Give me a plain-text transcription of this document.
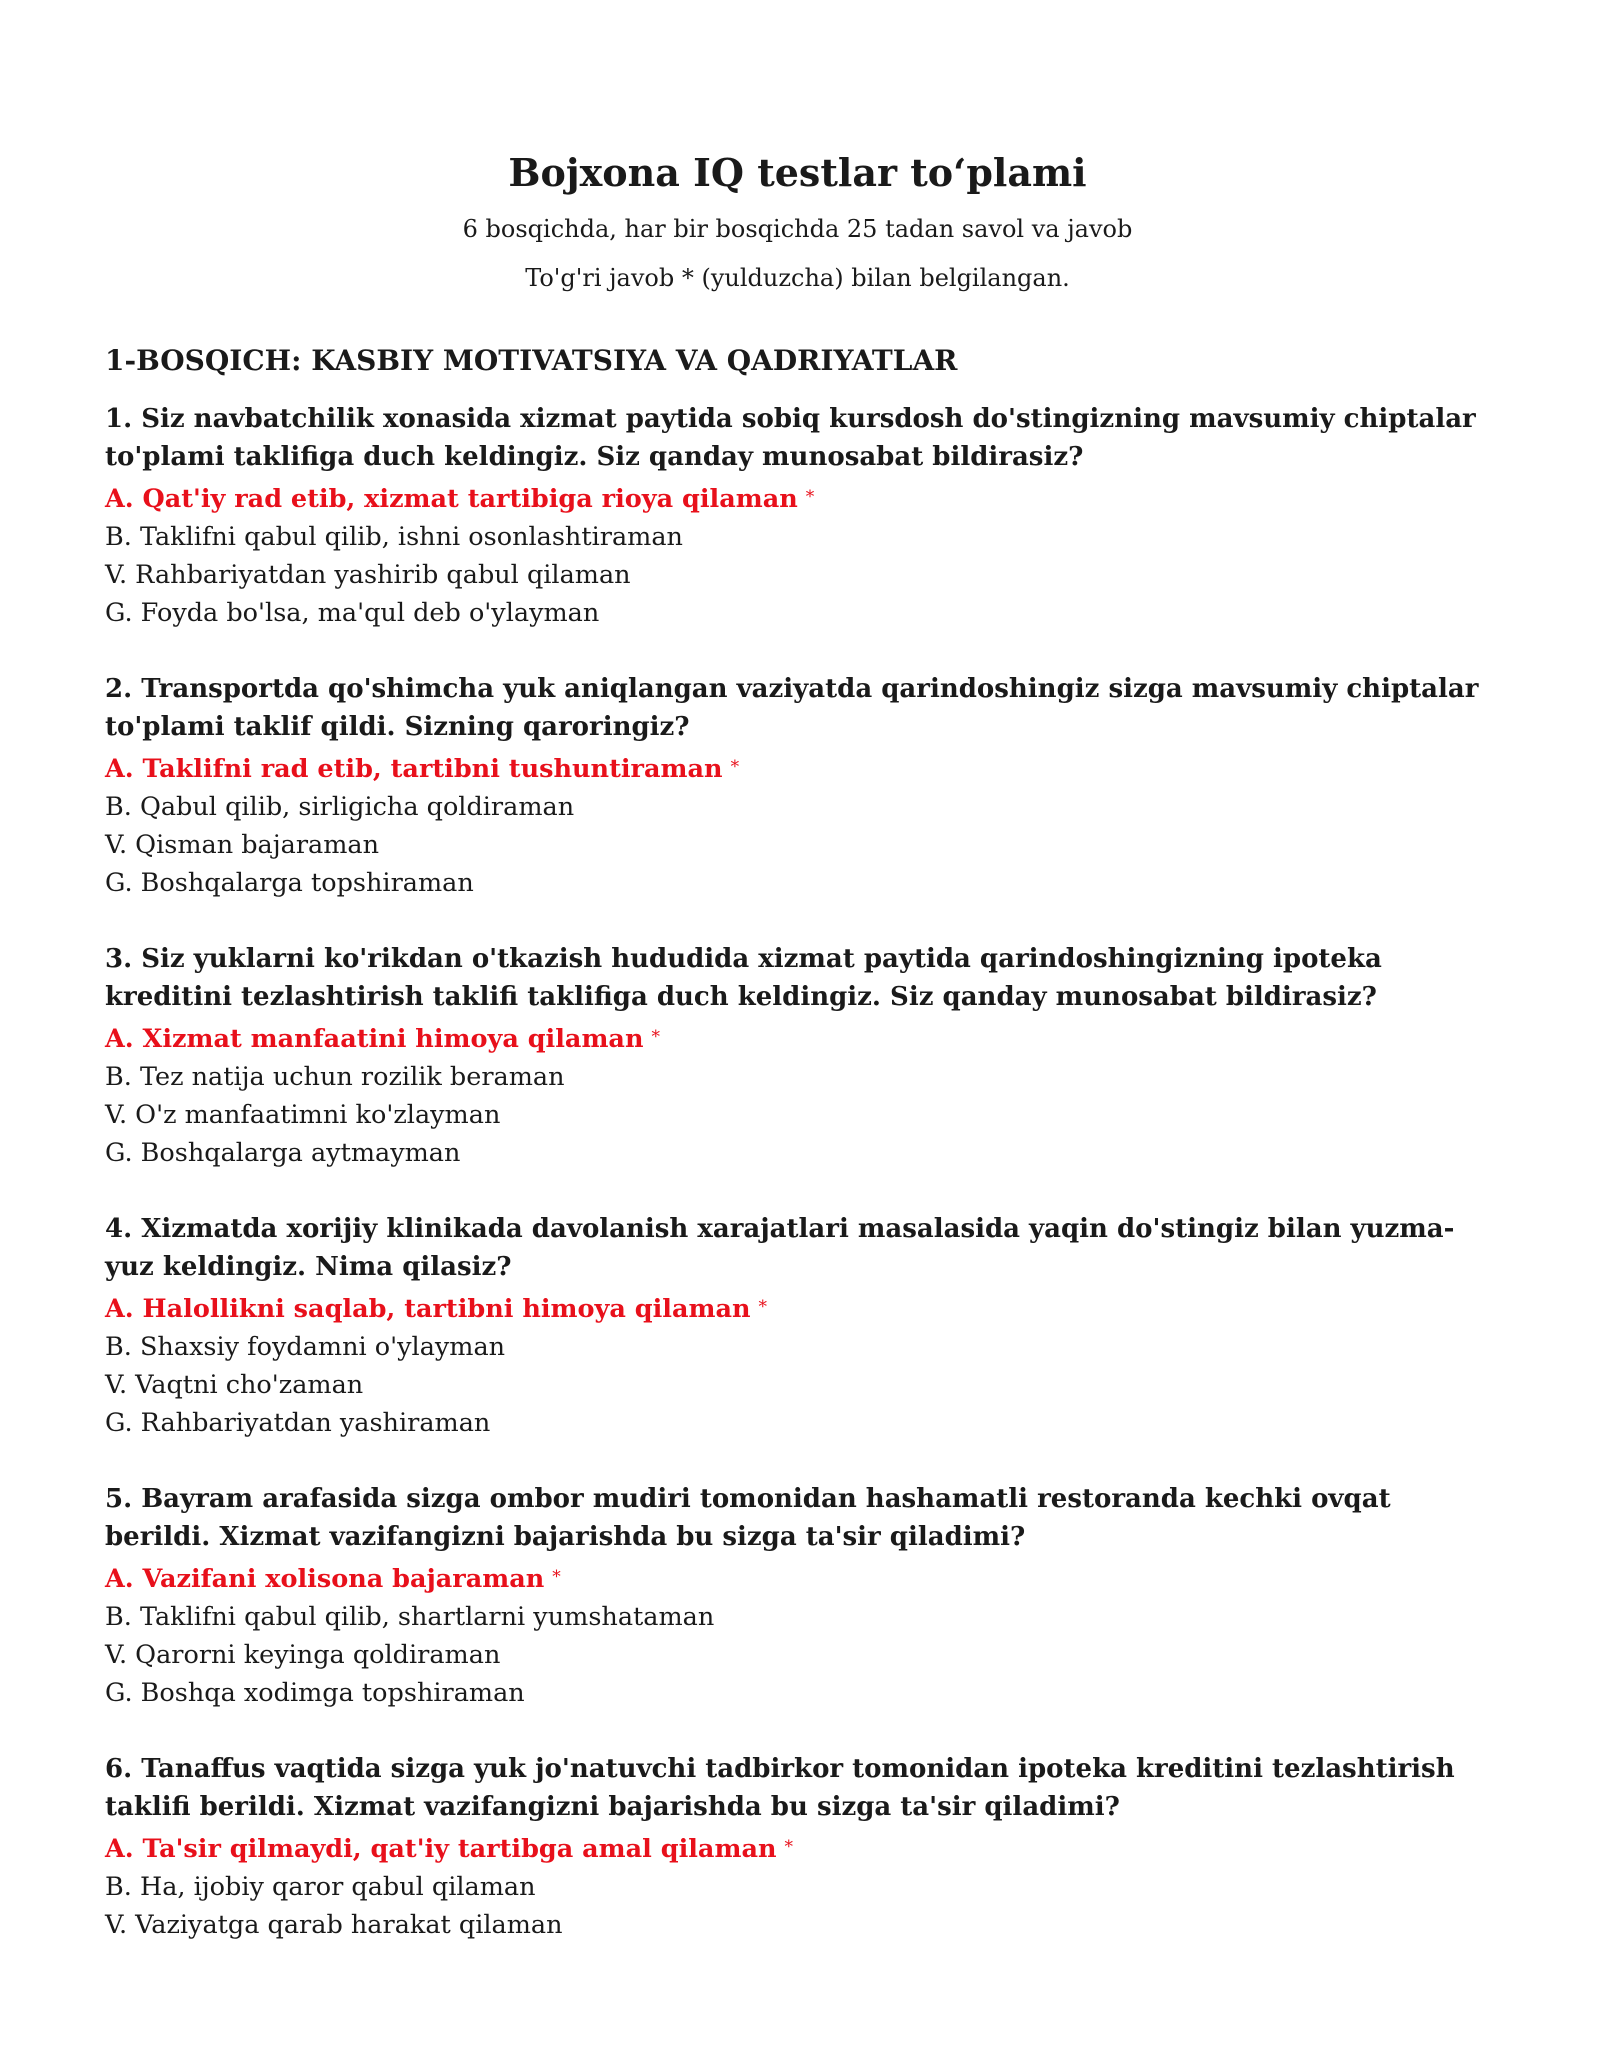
Bojxona IQ testlar to‘plami

6 bosqichda, har bir bosqichda 25 tadan savol va javob

To'g'ri javob * (yulduzcha) bilan belgilangan.

1-BOSQICH: KASBIY MOTIVATSIYA VA QADRIYATLAR

1. Siz navbatchilik xonasida xizmat paytida sobiq kursdosh do'stingizning mavsumiy chiptalar to'plami taklifiga duch keldingiz. Siz qanday munosabat bildirasiz?

A. Qat'iy rad etib, xizmat tartibiga rioya qilaman *

B. Taklifni qabul qilib, ishni osonlashtiraman

V. Rahbariyatdan yashirib qabul qilaman

G. Foyda bo'lsa, ma'qul deb o'ylayman

2. Transportda qo'shimcha yuk aniqlangan vaziyatda qarindoshingiz sizga mavsumiy chiptalar to'plami taklif qildi. Sizning qaroringiz?

A. Taklifni rad etib, tartibni tushuntiraman *

B. Qabul qilib, sirligicha qoldiraman

V. Qisman bajaraman

G. Boshqalarga topshiraman

3. Siz yuklarni ko'rikdan o'tkazish hududida xizmat paytida qarindoshingizning ipoteka kreditini tezlashtirish taklifi taklifiga duch keldingiz. Siz qanday munosabat bildirasiz?

A. Xizmat manfaatini himoya qilaman *

B. Tez natija uchun rozilik beraman

V. O'z manfaatimni ko'zlayman

G. Boshqalarga aytmayman

4. Xizmatda xorijiy klinikada davolanish xarajatlari masalasida yaqin do'stingiz bilan yuzma-yuz keldingiz. Nima qilasiz?

A. Halollikni saqlab, tartibni himoya qilaman *

B. Shaxsiy foydamni o'ylayman

V. Vaqtni cho'zaman

G. Rahbariyatdan yashiraman

5. Bayram arafasida sizga ombor mudiri tomonidan hashamatli restoranda kechki ovqat berildi. Xizmat vazifangizni bajarishda bu sizga ta'sir qiladimi?

A. Vazifani xolisona bajaraman *

B. Taklifni qabul qilib, shartlarni yumshataman

V. Qarorni keyinga qoldiraman

G. Boshqa xodimga topshiraman

6. Tanaffus vaqtida sizga yuk jo'natuvchi tadbirkor tomonidan ipoteka kreditini tezlashtirish taklifi berildi. Xizmat vazifangizni bajarishda bu sizga ta'sir qiladimi?

A. Ta'sir qilmaydi, qat'iy tartibga amal qilaman *

B. Ha, ijobiy qaror qabul qilaman

V. Vaziyatga qarab harakat qilaman
